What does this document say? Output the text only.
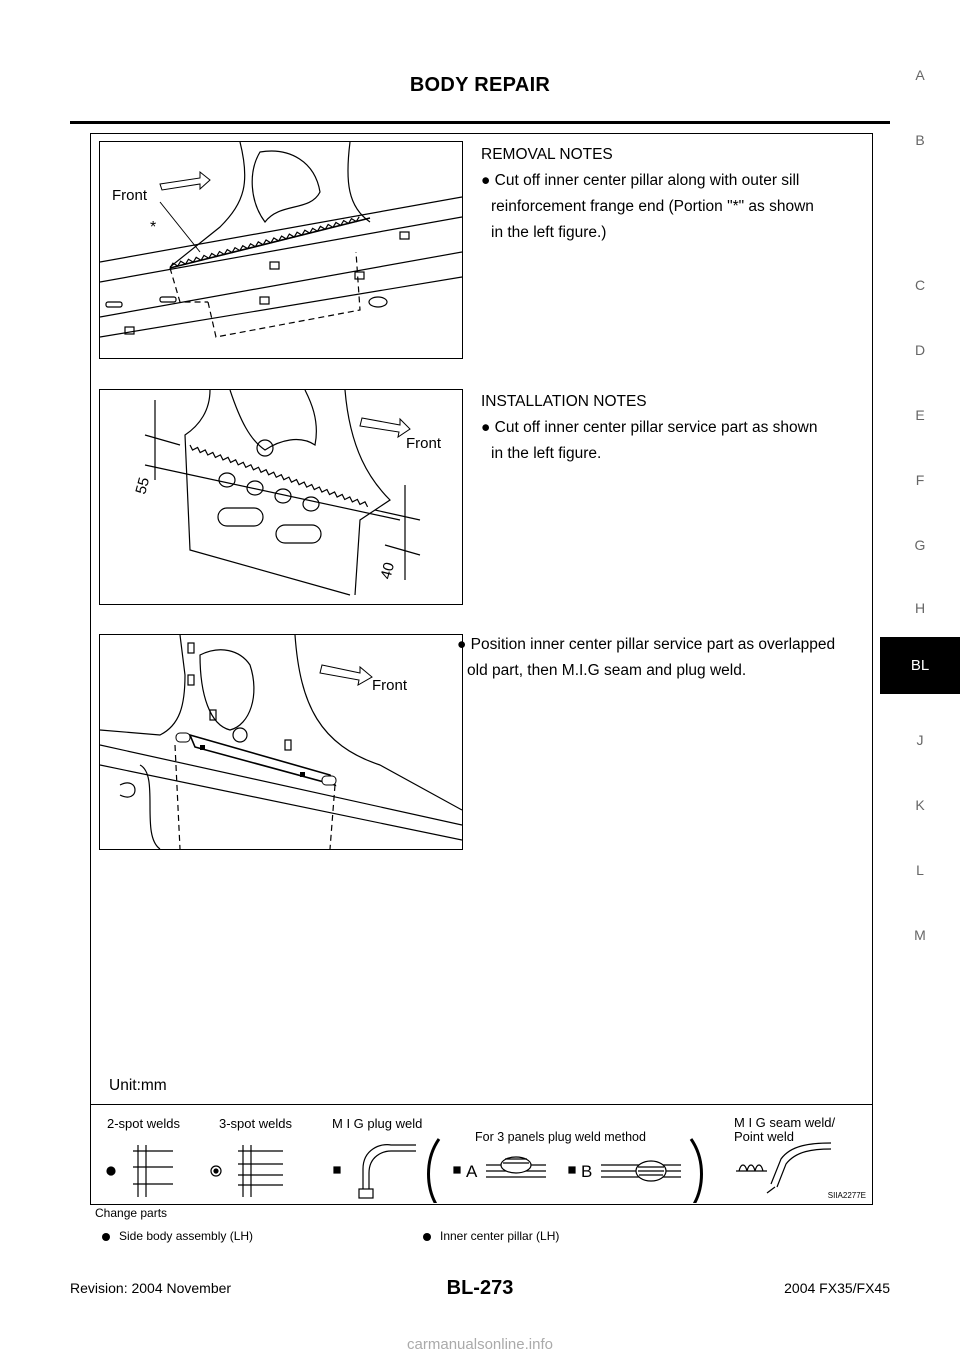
BODY REPAIR	A
B
C
D
E
F
G
H
J
K
L
M
BL
Front
*
REMOVAL NOTES
● Cut off inner center pillar along with outer sill
reinforcement frange end (Portion "*" as shown
in the left figure.)
Front
55
40
INSTALLATION NOTES
● Cut off inner center pillar service part as shown
in the left figure.
Front
● Position inner center pillar service part as overlapped
old part, then M.I.G seam and plug weld.
Unit:mm
2-spot welds	3-spot welds	M I G plug weld
For 3 panels plug weld method
M I G seam weld/
Point weld
A	B
SIIA2277E
Change parts
Side body assembly (LH)	Inner center pillar (LH)
Revision: 2004 November	BL-273	2004 FX35/FX45
carmanualsonline.info
